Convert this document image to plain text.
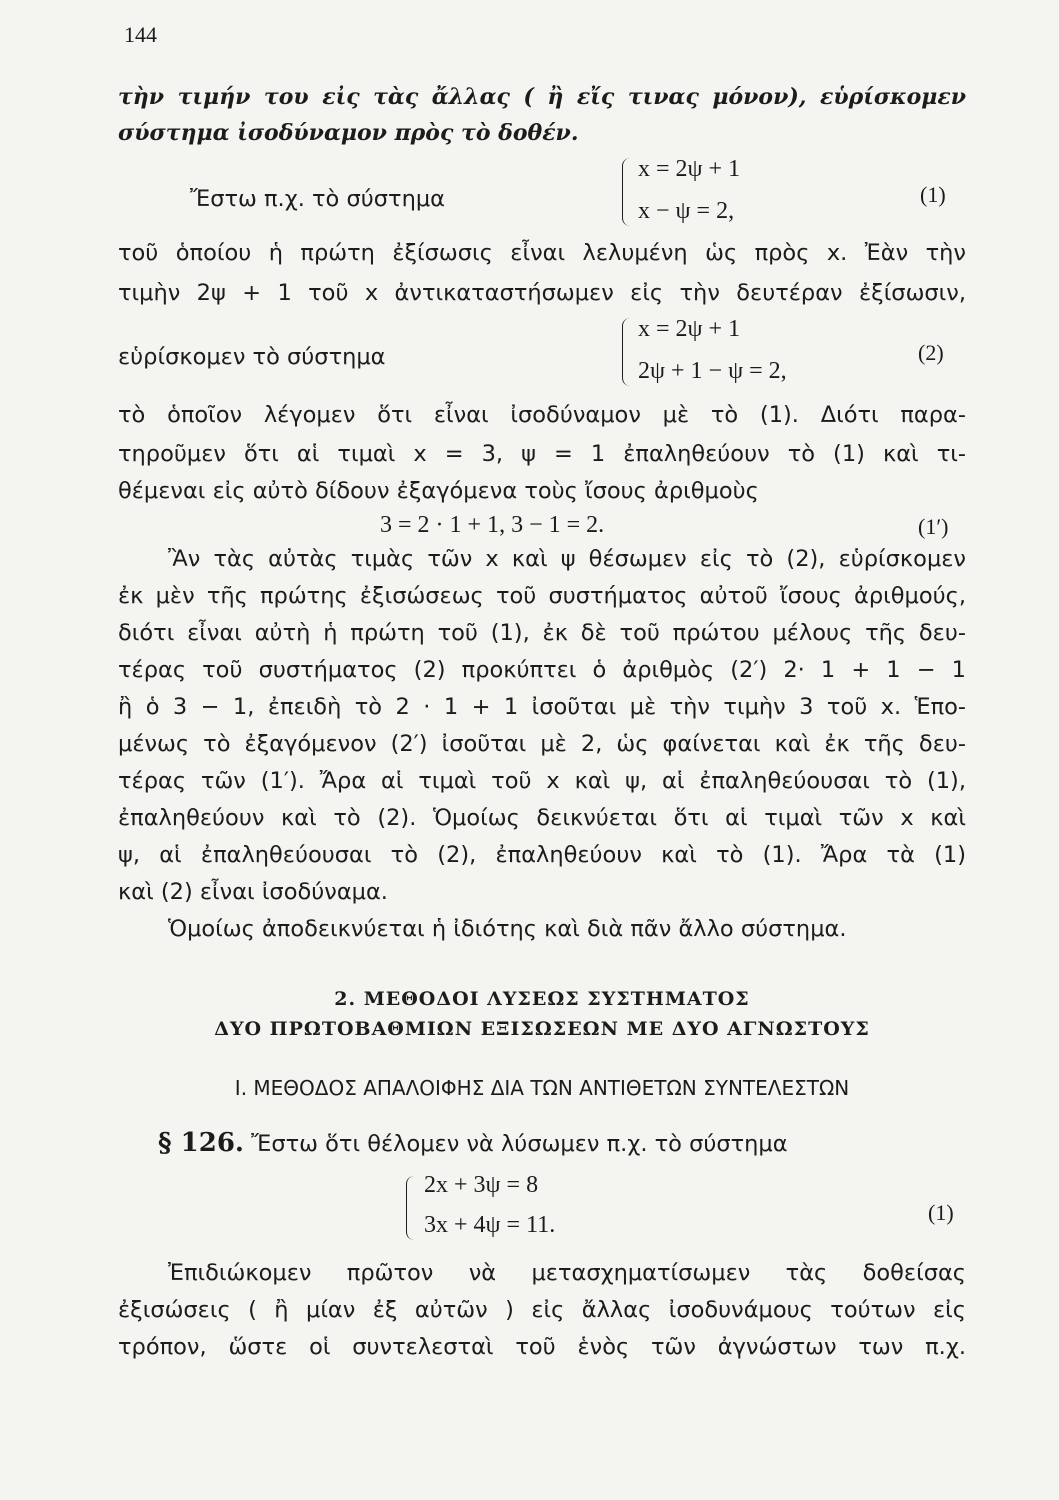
144
τὴν τιμήν του εἰς τὰς ἄλλας ( ἢ εἴς τινας μόνον), εὑρίσκομεν
σύστημα ἰσοδύναμον πρὸς τὸ δοθέν.
Ἔστω π.χ. τὸ σύστημα
x = 2ψ + 1
x − ψ = 2,
(1)
τοῦ ὁποίου ἡ πρώτη ἐξίσωσις εἶναι λελυμένη ὡς πρὸς x. Ἐὰν τὴν
τιμὴν 2ψ + 1 τοῦ x ἀντικαταστήσωμεν εἰς τὴν δευτέραν ἐξίσωσιν,
εὑρίσκομεν τὸ σύστημα
x = 2ψ + 1
2ψ + 1 − ψ = 2,
(2)
τὸ ὁποῖον λέγομεν ὅτι εἶναι ἰσοδύναμον μὲ τὸ (1). Διότι παρα-
τηροῦμεν ὅτι αἱ τιμαὶ x = 3, ψ = 1 ἐπαληθεύουν τὸ (1) καὶ τι-
θέμεναι εἰς αὐτὸ δίδουν ἐξαγόμενα τοὺς ἴσους ἀριθμοὺς
3 = 2 · 1 + 1, 3 − 1 = 2.	(1′)
Ἂν τὰς αὐτὰς τιμὰς τῶν x καὶ ψ θέσωμεν εἰς τὸ (2), εὑρίσκομεν
ἐκ μὲν τῆς πρώτης ἐξισώσεως τοῦ συστήματος αὐτοῦ ἴσους ἀριθμούς,
διότι εἶναι αὐτὴ ἡ πρώτη τοῦ (1), ἐκ δὲ τοῦ πρώτου μέλους τῆς δευ-
τέρας τοῦ συστήματος (2) προκύπτει ὁ ἀριθμὸς (2′) 2· 1 + 1 − 1
ἢ ὁ 3 − 1, ἐπειδὴ τὸ 2 · 1 + 1 ἰσοῦται μὲ τὴν τιμὴν 3 τοῦ x. Ἑπο-
μένως τὸ ἐξαγόμενον (2′) ἰσοῦται μὲ 2, ὡς φαίνεται καὶ ἐκ τῆς δευ-
τέρας τῶν (1′). Ἄρα αἱ τιμαὶ τοῦ x καὶ ψ, αἱ ἐπαληθεύουσαι τὸ (1),
ἐπαληθεύουν καὶ τὸ (2). Ὁμοίως δεικνύεται ὅτι αἱ τιμαὶ τῶν x καὶ
ψ, αἱ ἐπαληθεύουσαι τὸ (2), ἐπαληθεύουν καὶ τὸ (1). Ἄρα τὰ (1)
καὶ (2) εἶναι ἰσοδύναμα.
Ὁμοίως ἀποδεικνύεται ἡ ἰδιότης καὶ διὰ πᾶν ἄλλο σύστημα.
2. ΜΕΘΟΔΟΙ ΛΥΣΕΩΣ ΣΥΣΤΗΜΑΤΟΣ
ΔΥΟ ΠΡΩΤΟΒΑΘΜΙΩΝ ΕΞΙΣΩΣΕΩΝ ΜΕ ΔΥΟ ΑΓΝΩΣΤΟΥΣ
I. ΜΕΘΟΔΟΣ ΑΠΑΛΟΙΦΗΣ ΔΙΑ ΤΩΝ ΑΝΤΙΘΕΤΩΝ ΣΥΝΤΕΛΕΣΤΩΝ
§ 126. Ἔστω ὅτι θέλομεν νὰ λύσωμεν π.χ. τὸ σύστημα
2x + 3ψ = 8
3x + 4ψ = 11.	(1)
Ἐπιδιώκομεν πρῶτον νὰ μετασχηματίσωμεν τὰς δοθείσας
ἐξισώσεις ( ἢ μίαν ἐξ αὐτῶν ) εἰς ἄλλας ἰσοδυνάμους τούτων εἰς
τρόπον, ὥστε οἱ συντελεσταὶ τοῦ ἑνὸς τῶν ἀγνώστων των π.χ.
